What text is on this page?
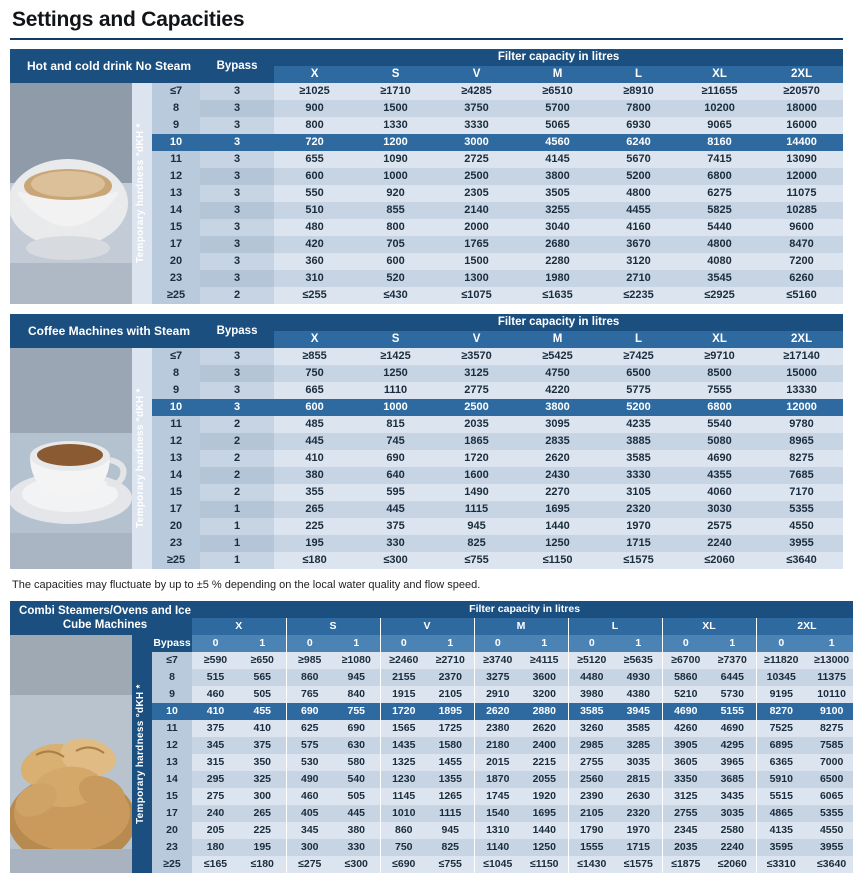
Settings and Capacities
Hot and cold drink No Steam			Bypass	Filter capacity in litres						
				X	S	V	M	L	XL	2XL

Temporary hardness °dKH *	≤7	3	≥1025	≥1710	≥4285	≥6510	≥8910	≥11655	≥20570
		8	3	900	1500	3750	5700	7800	10200	18000
		9	3	800	1330	3330	5065	6930	9065	16000
		10	3	720	1200	3000	4560	6240	8160	14400
		11	3	655	1090	2725	4145	5670	7415	13090
		12	3	600	1000	2500	3800	5200	6800	12000
		13	3	550	920	2305	3505	4800	6275	11075
		14	3	510	855	2140	3255	4455	5825	10285
		15	3	480	800	2000	3040	4160	5440	9600
		17	3	420	705	1765	2680	3670	4800	8470
		20	3	360	600	1500	2280	3120	4080	7200
		23	3	310	520	1300	1980	2710	3545	6260
		≥25	2	≤255	≤430	≤1075	≤1635	≤2235	≤2925	≤5160
Coffee Machines with Steam			Bypass	Filter capacity in litres						
				X	S	V	M	L	XL	2XL

Temporary hardness °dKH *	≤7	3	≥855	≥1425	≥3570	≥5425	≥7425	≥9710	≥17140
		8	3	750	1250	3125	4750	6500	8500	15000
		9	3	665	1110	2775	4220	5775	7555	13330
		10	3	600	1000	2500	3800	5200	6800	12000
		11	2	485	815	2035	3095	4235	5540	9780
		12	2	445	745	1865	2835	3885	5080	8965
		13	2	410	690	1720	2620	3585	4690	8275
		14	2	380	640	1600	2430	3330	4355	7685
		15	2	355	595	1490	2270	3105	4060	7170
		17	1	265	445	1115	1695	2320	3030	5355
		20	1	225	375	945	1440	1970	2575	4550
		23	1	195	330	825	1250	1715	2240	3955
		≥25	1	≤180	≤300	≤755	≤1150	≤1575	≤2060	≤3640
The capacities may fluctuate by up to ±5 % depending on the local water quality and flow speed.
Combi Steamers/Ovens and Ice Cube Machines			Filter capacity in litres													
			X		S		V		M		L		XL		2XL	

Temporary hardness °dKH *	Bypass	0	1	0	1	0	1	0	1	0	1	0	1	0	1
		≤7	≥590	≥650	≥985	≥1080	≥2460	≥2710	≥3740	≥4115	≥5120	≥5635	≥6700	≥7370	≥11820	≥13000
		8	515	565	860	945	2155	2370	3275	3600	4480	4930	5860	6445	10345	11375
		9	460	505	765	840	1915	2105	2910	3200	3980	4380	5210	5730	9195	10110
		10	410	455	690	755	1720	1895	2620	2880	3585	3945	4690	5155	8270	9100
		11	375	410	625	690	1565	1725	2380	2620	3260	3585	4260	4690	7525	8275
		12	345	375	575	630	1435	1580	2180	2400	2985	3285	3905	4295	6895	7585
		13	315	350	530	580	1325	1455	2015	2215	2755	3035	3605	3965	6365	7000
		14	295	325	490	540	1230	1355	1870	2055	2560	2815	3350	3685	5910	6500
		15	275	300	460	505	1145	1265	1745	1920	2390	2630	3125	3435	5515	6065
		17	240	265	405	445	1010	1115	1540	1695	2105	2320	2755	3035	4865	5355
		20	205	225	345	380	860	945	1310	1440	1790	1970	2345	2580	4135	4550
		23	180	195	300	330	750	825	1140	1250	1555	1715	2035	2240	3595	3955
		≥25	≤165	≤180	≤275	≤300	≤690	≤755	≤1045	≤1150	≤1430	≤1575	≤1875	≤2060	≤3310	≤3640
